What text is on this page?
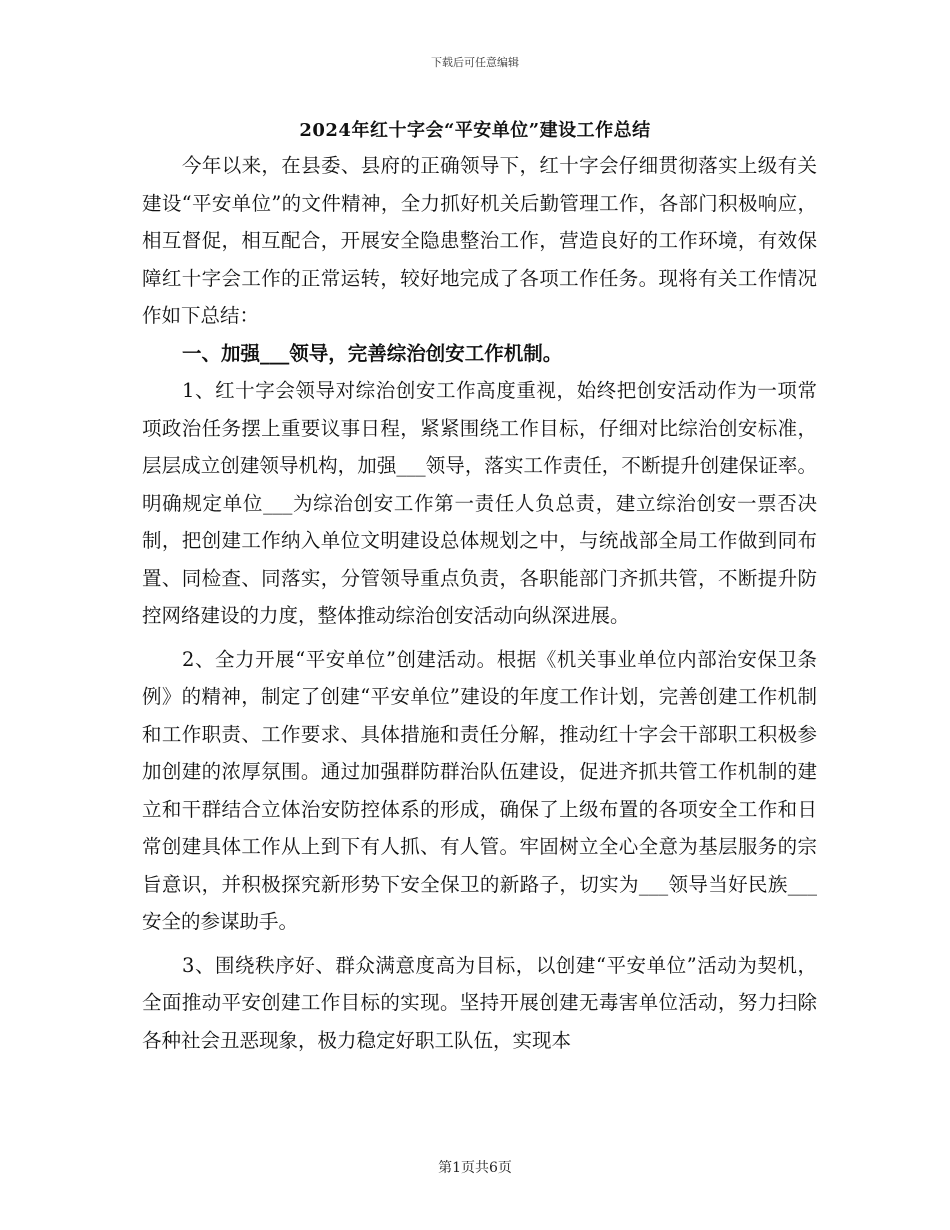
下载后可任意编辑
2024年红十字会“平安单位”建设工作总结

今年以来，在县委、县府的正确领导下，红十字会仔细贯彻落实上级有关建设“平安单位”的文件精神，全力抓好机关后勤管理工作，各部门积极响应，相互督促，相互配合，开展安全隐患整治工作，营造良好的工作环境，有效保障红十字会工作的正常运转，较好地完成了各项工作任务。现将有关工作情况作如下总结：

一、加强___领导，完善综治创安工作机制。

1、红十字会领导对综治创安工作高度重视，始终把创安活动作为一项常项政治任务摆上重要议事日程，紧紧围绕工作目标，仔细对比综治创安标准，层层成立创建领导机构，加强___领导，落实工作责任，不断提升创建保证率。明确规定单位___为综治创安工作第一责任人负总责，建立综治创安一票否决制，把创建工作纳入单位文明建设总体规划之中，与统战部全局工作做到同布置、同检查、同落实，分管领导重点负责，各职能部门齐抓共管，不断提升防控网络建设的力度，整体推动综治创安活动向纵深进展。

2、全力开展“平安单位”创建活动。根据《机关事业单位内部治安保卫条例》的精神，制定了创建“平安单位”建设的年度工作计划，完善创建工作机制和工作职责、工作要求、具体措施和责任分解，推动红十字会干部职工积极参加创建的浓厚氛围。通过加强群防群治队伍建设，促进齐抓共管工作机制的建立和干群结合立体治安防控体系的形成，确保了上级布置的各项安全工作和日常创建具体工作从上到下有人抓、有人管。牢固树立全心全意为基层服务的宗旨意识，并积极探究新形势下安全保卫的新路子，切实为___领导当好民族___安全的参谋助手。

3、围绕秩序好、群众满意度高为目标，以创建“平安单位”活动为契机，全面推动平安创建工作目标的实现。坚持开展创建无毒害单位活动，努力扫除各种社会丑恶现象，极力稳定好职工队伍，实现本

第1页共6页
